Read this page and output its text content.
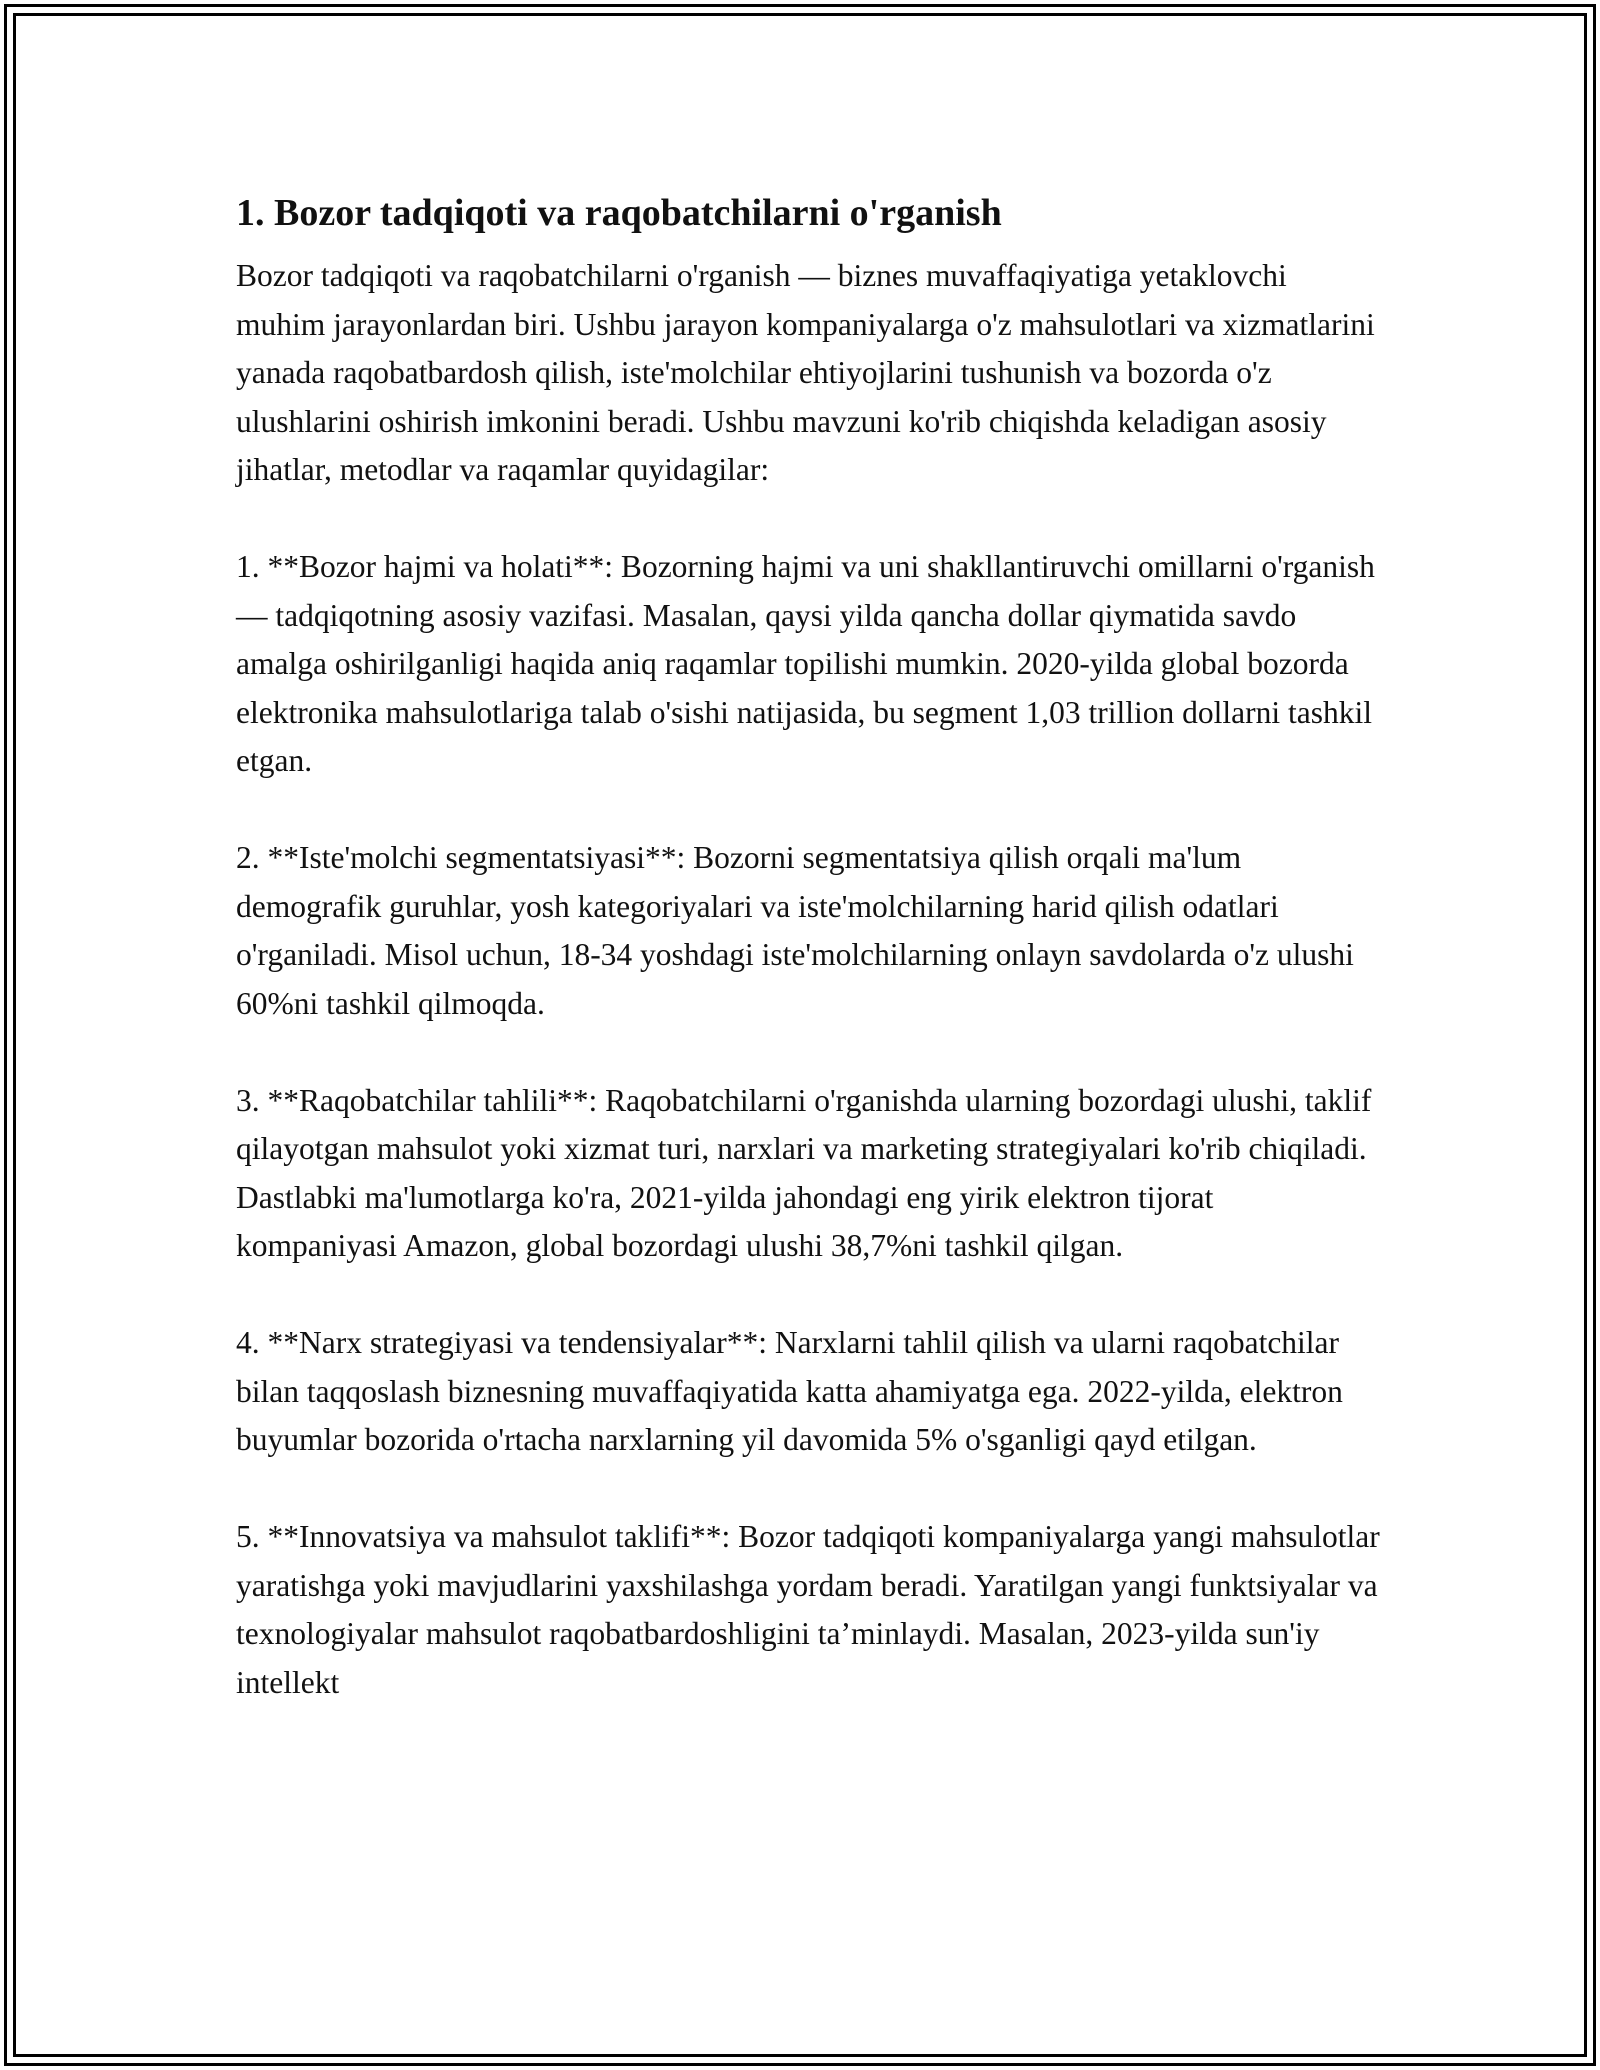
1. Bozor tadqiqoti va raqobatchilarni o'rganish

Bozor tadqiqoti va raqobatchilarni o'rganish — biznes muvaffaqiyatiga yetaklovchi muhim jarayonlardan biri. Ushbu jarayon kompaniyalarga o'z mahsulotlari va xizmatlarini yanada raqobatbardosh qilish, iste'molchilar ehtiyojlarini tushunish va bozorda o'z ulushlarini oshirish imkonini beradi. Ushbu mavzuni ko'rib chiqishda keladigan asosiy jihatlar, metodlar va raqamlar quyidagilar:

1. **Bozor hajmi va holati**: Bozorning hajmi va uni shakllantiruvchi omillarni o'rganish — tadqiqotning asosiy vazifasi. Masalan, qaysi yilda qancha dollar qiymatida savdo amalga oshirilganligi haqida aniq raqamlar topilishi mumkin. 2020-yilda global bozorda elektronika mahsulotlariga talab o'sishi natijasida, bu segment 1,03 trillion dollarni tashkil etgan.

2. **Iste'molchi segmentatsiyasi**: Bozorni segmentatsiya qilish orqali ma'lum demografik guruhlar, yosh kategoriyalari va iste'molchilarning harid qilish odatlari o'rganiladi. Misol uchun, 18-34 yoshdagi iste'molchilarning onlayn savdolarda o'z ulushi 60%ni tashkil qilmoqda.

3. **Raqobatchilar tahlili**: Raqobatchilarni o'rganishda ularning bozordagi ulushi, taklif qilayotgan mahsulot yoki xizmat turi, narxlari va marketing strategiyalari ko'rib chiqiladi. Dastlabki ma'lumotlarga ko'ra, 2021-yilda jahondagi eng yirik elektron tijorat kompaniyasi Amazon, global bozordagi ulushi 38,7%ni tashkil qilgan.

4. **Narx strategiyasi va tendensiyalar**: Narxlarni tahlil qilish va ularni raqobatchilar bilan taqqoslash biznesning muvaffaqiyatida katta ahamiyatga ega. 2022-yilda, elektron buyumlar bozorida o'rtacha narxlarning yil davomida 5% o'sganligi qayd etilgan.

5. **Innovatsiya va mahsulot taklifi**: Bozor tadqiqoti kompaniyalarga yangi mahsulotlar yaratishga yoki mavjudlarini yaxshilashga yordam beradi. Yaratilgan yangi funktsiyalar va texnologiyalar mahsulot raqobatbardoshligini ta’minlaydi. Masalan, 2023-yilda sun'iy intellekt
